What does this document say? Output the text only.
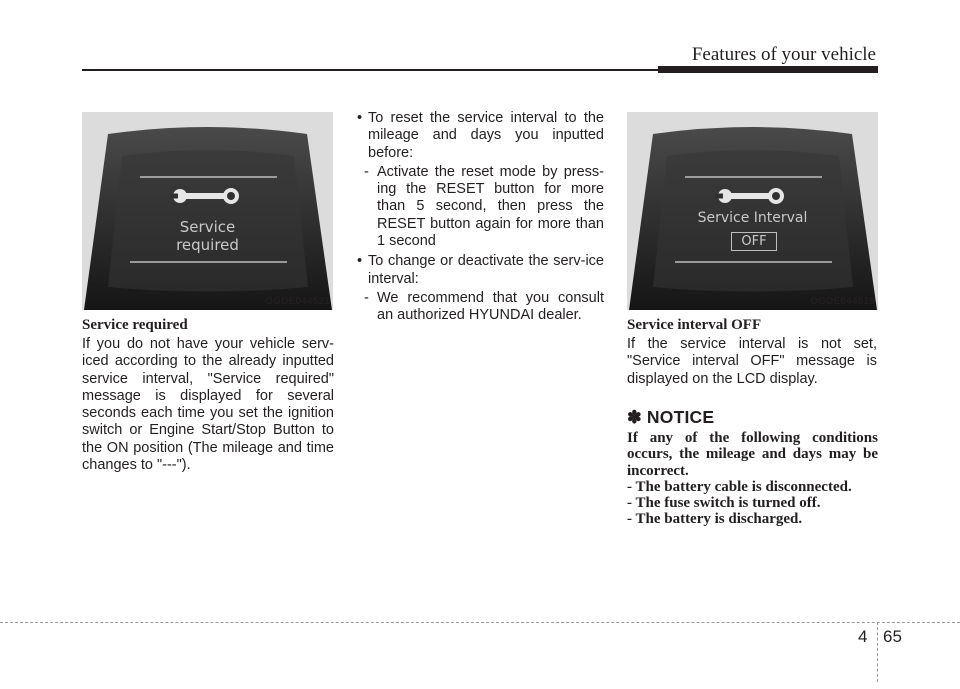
Features of your vehicle
Service
required
OGDE044521
Service Interval
OFF
OGDE044519
Service required
If you do not have your vehicle serv-iced according to the already inputted service interval, "Service required" message is displayed for several seconds each time you set the ignition switch or Engine Start/Stop Button to the ON position (The mileage and time changes to "---").
• To reset the service interval to the mileage and days you inputted before:
- Activate the reset mode by press-ing the RESET button for more than 5 second, then press the RESET button again for more than 1 second
• To change or deactivate the serv-ice interval:
- We recommend that you consult an authorized HYUNDAI dealer.
Service interval OFF
If the service interval is not set, "Service interval OFF" message is displayed on the LCD display.
✽ NOTICE
If any of the following conditions occurs, the mileage and days may be incorrect.
- The battery cable is disconnected.
- The fuse switch is turned off.
- The battery is discharged.
4 65
